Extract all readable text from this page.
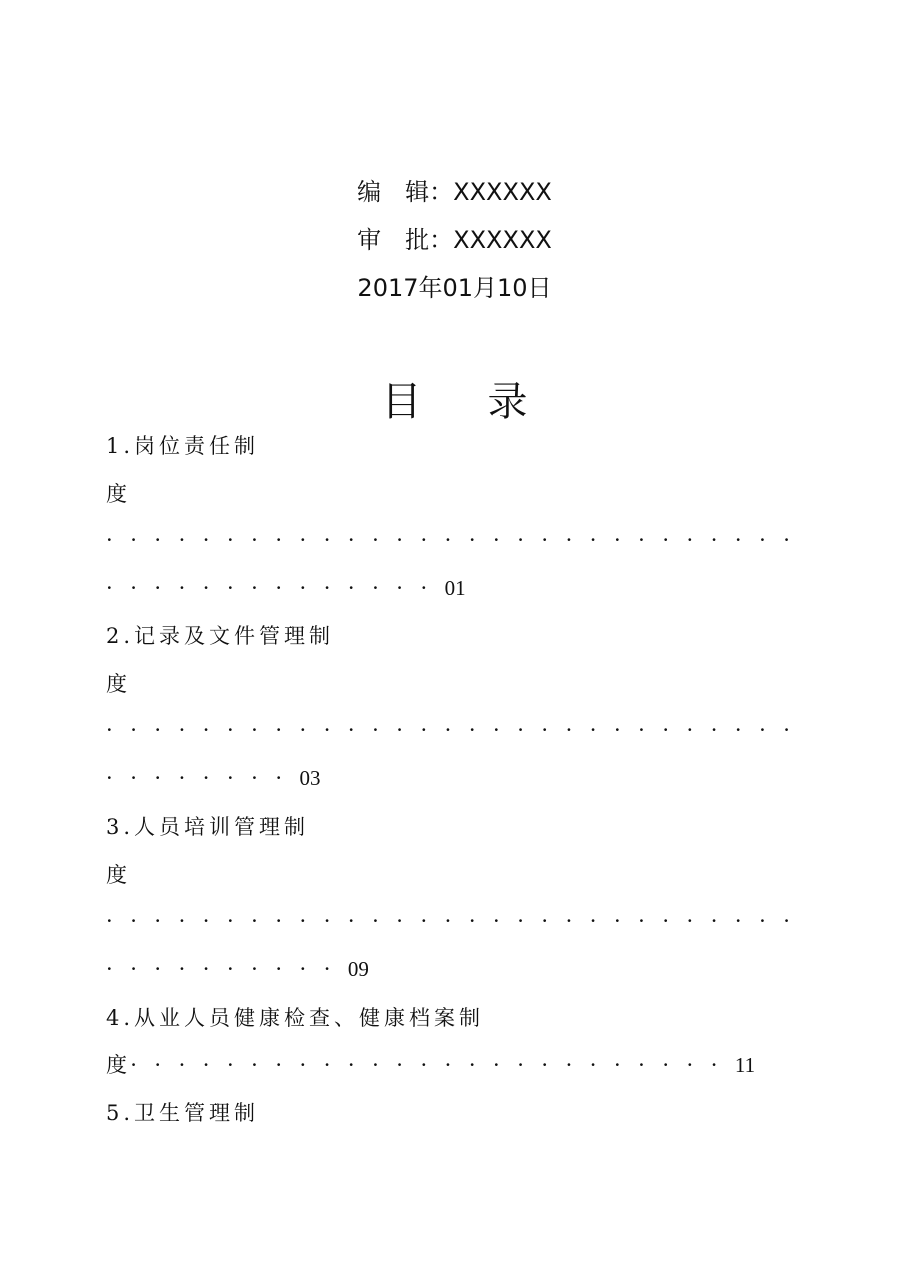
编　辑：XXXXXX
审　批：XXXXXX
2017年01月10日
目 录
1.岗位责任制
度
· · · · · · · · · · · · · · · · · · · · · · · · · · · · ·
· · · · · · · · · · · · · · 01
2.记录及文件管理制
度
· · · · · · · · · · · · · · · · · · · · · · · · · · · · ·
· · · · · · · · 03
3.人员培训管理制
度
· · · · · · · · · · · · · · · · · · · · · · · · · · · · ·
· · · · · · · · · · 09
4.从业人员健康检查、健康档案制
度 · · · · · · · · · · · · · · · · · · · · · · · · · 11
5.卫生管理制
